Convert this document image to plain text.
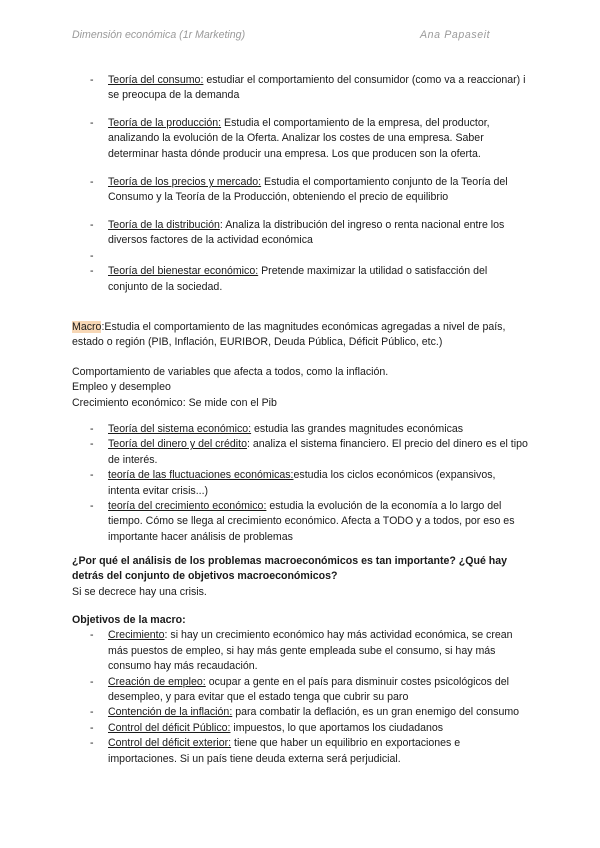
Dimensión económica (1r Marketing)	Ana Papaseit
- Teoría del consumo: estudiar el comportamiento del consumidor (como va a reaccionar) i se preocupa de la demanda
- Teoría de la producción: Estudia el comportamiento de la empresa, del productor, analizando la evolución de la Oferta. Analizar los costes de una empresa. Saber determinar hasta dónde producir una empresa. Los que producen son la oferta.
- Teoría de los precios y mercado: Estudia el comportamiento conjunto de la Teoría del Consumo y la Teoría de la Producción, obteniendo el precio de equilibrio
- Teoría de la distribución: Analiza la distribución del ingreso o renta nacional entre los diversos factores de la actividad económica
-
- Teoría del bienestar económico: Pretende maximizar la utilidad o satisfacción del conjunto de la sociedad.

Macro:Estudia el comportamiento de las magnitudes económicas agregadas a nivel de país, estado o región (PIB, Inflación, EURIBOR, Deuda Pública, Déficit Público, etc.)

Comportamiento de variables que afecta a todos, como la inflación.

Empleo y desempleo

Crecimiento económico: Se mide con el Pib

- Teoría del sistema económico: estudia las grandes magnitudes económicas
- Teoría del dinero y del crédito: analiza el sistema financiero. El precio del dinero es el tipo de interés.
- teoría de las fluctuaciones económicas:estudia los ciclos económicos (expansivos, intenta evitar crisis...)
- teoría del crecimiento económico: estudia la evolución de la economía a lo largo del tiempo. Cómo se llega al crecimiento económico. Afecta a TODO y a todos, por eso es importante hacer análisis de problemas

¿Por qué el análisis de los problemas macroeconómicos es tan importante? ¿Qué hay detrás del conjunto de objetivos macroeconómicos?

Si se decrece hay una crisis.

Objetivos de la macro:

- Crecimiento: si hay un crecimiento económico hay más actividad económica, se crean más puestos de empleo, si hay más gente empleada sube el consumo, si hay más consumo hay más recaudación.
- Creación de empleo: ocupar a gente en el país para disminuir costes psicológicos del desempleo, y para evitar que el estado tenga que cubrir su paro
- Contención de la inflación: para combatir la deflación, es un gran enemigo del consumo
- Control del déficit Público: impuestos, lo que aportamos los ciudadanos
- Control del déficit exterior: tiene que haber un equilibrio en exportaciones e importaciones. Si un país tiene deuda externa será perjudicial.
